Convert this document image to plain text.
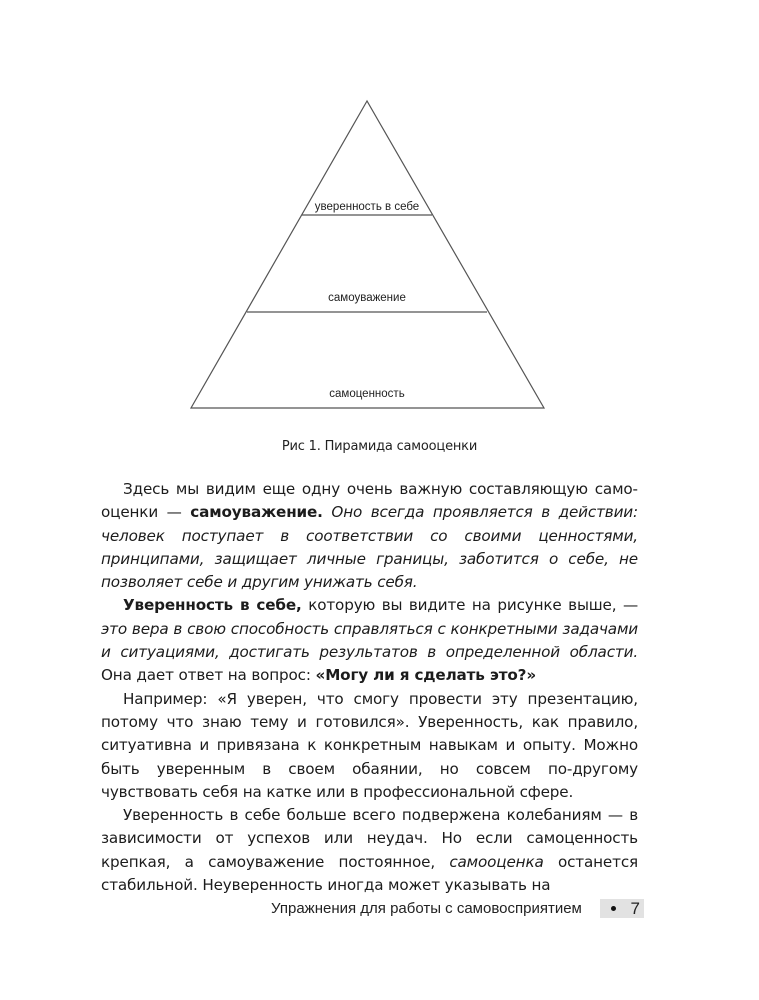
уверенность в себе
самоуважение
самоценность
Рис 1. Пирамида самооценки

Здесь мы видим еще одну очень важную составляющую самооценки — самоуважение. Оно всегда проявляется в действии: человек поступает в соответствии со своими ценностями, принципами, защищает личные границы, заботится о себе, не позволяет себе и другим унижать себя.

Уверенность в себе, которую вы видите на рисунке выше, — это вера в свою способность справляться с конкретными задачами и ситуациями, достигать результатов в определенной области. Она дает ответ на вопрос: «Могу ли я сделать это?»

Например: «Я уверен, что смогу провести эту презентацию, потому что знаю тему и готовился». Уверенность, как правило, ситуативна и привязана к конкретным навыкам и опыту. Можно быть уверенным в своем обаянии, но совсем по-другому чувствовать себя на катке или в профессиональной сфере.

Уверенность в себе больше всего подвержена колебаниям — в зависимости от успехов или неудач. Но если самоценность крепкая, а самоуважение постоянное, самооценка останется стабильной. Неуверенность иногда может указывать на

Упражнения для работы с самовосприятием	7
